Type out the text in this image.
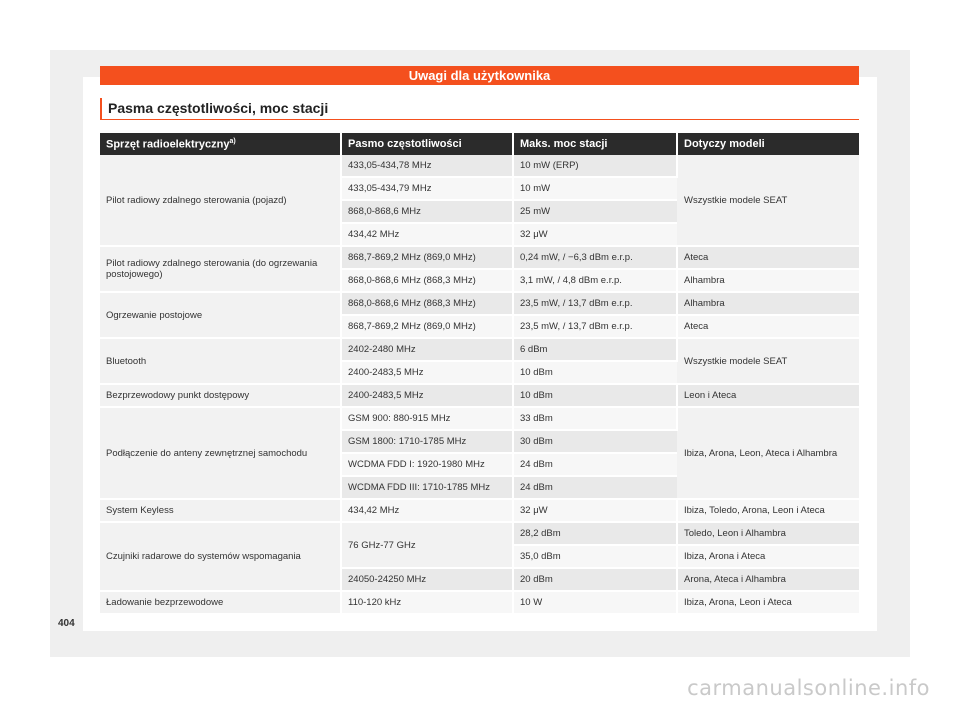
Uwagi dla użytkownika
Pasma częstotliwości, moc stacji
Sprzęt radioelektryczny$^{a)}$	Pasmo częstotliwości	Maks. moc stacji	Dotyczy modeli
Pilot radiowy zdalnego sterowania (pojazd)	433,05-434,78 MHz	10 mW (ERP)	Wszystkie modele SEAT
	433,05-434,79 MHz	10 mW	
	868,0-868,6 MHz	25 mW	
	434,42 MHz	32 μW	
Pilot radiowy zdalnego sterowania (do ogrzewania postojowego)	868,7-869,2 MHz (869,0 MHz)	0,24 mW, / −6,3 dBm e.r.p.	Ateca
	868,0-868,6 MHz (868,3 MHz)	3,1 mW, / 4,8 dBm e.r.p.	Alhambra
Ogrzewanie postojowe	868,0-868,6 MHz (868,3 MHz)	23,5 mW, / 13,7 dBm e.r.p.	Alhambra
	868,7-869,2 MHz (869,0 MHz)	23,5 mW, / 13,7 dBm e.r.p.	Ateca
Bluetooth	2402-2480 MHz	6 dBm	Wszystkie modele SEAT
	2400-2483,5 MHz	10 dBm	
Bezprzewodowy punkt dostępowy	2400-2483,5 MHz	10 dBm	Leon i Ateca
Podłączenie do anteny zewnętrznej samochodu	GSM 900: 880-915 MHz	33 dBm	Ibiza, Arona, Leon, Ateca i Alhambra
	GSM 1800: 1710-1785 MHz	30 dBm	
	WCDMA FDD I: 1920-1980 MHz	24 dBm	
	WCDMA FDD III: 1710-1785 MHz	24 dBm	
System Keyless	434,42 MHz	32 μW	Ibiza, Toledo, Arona, Leon i Ateca
Czujniki radarowe do systemów wspomagania	76 GHz-77 GHz	28,2 dBm	Toledo, Leon i Alhambra
		35,0 dBm	Ibiza, Arona i Ateca
	24050-24250 MHz	20 dBm	Arona, Ateca i Alhambra
Ładowanie bezprzewodowe	110-120 kHz	10 W	Ibiza, Arona, Leon i Ateca
404
carmanualsonline.info
